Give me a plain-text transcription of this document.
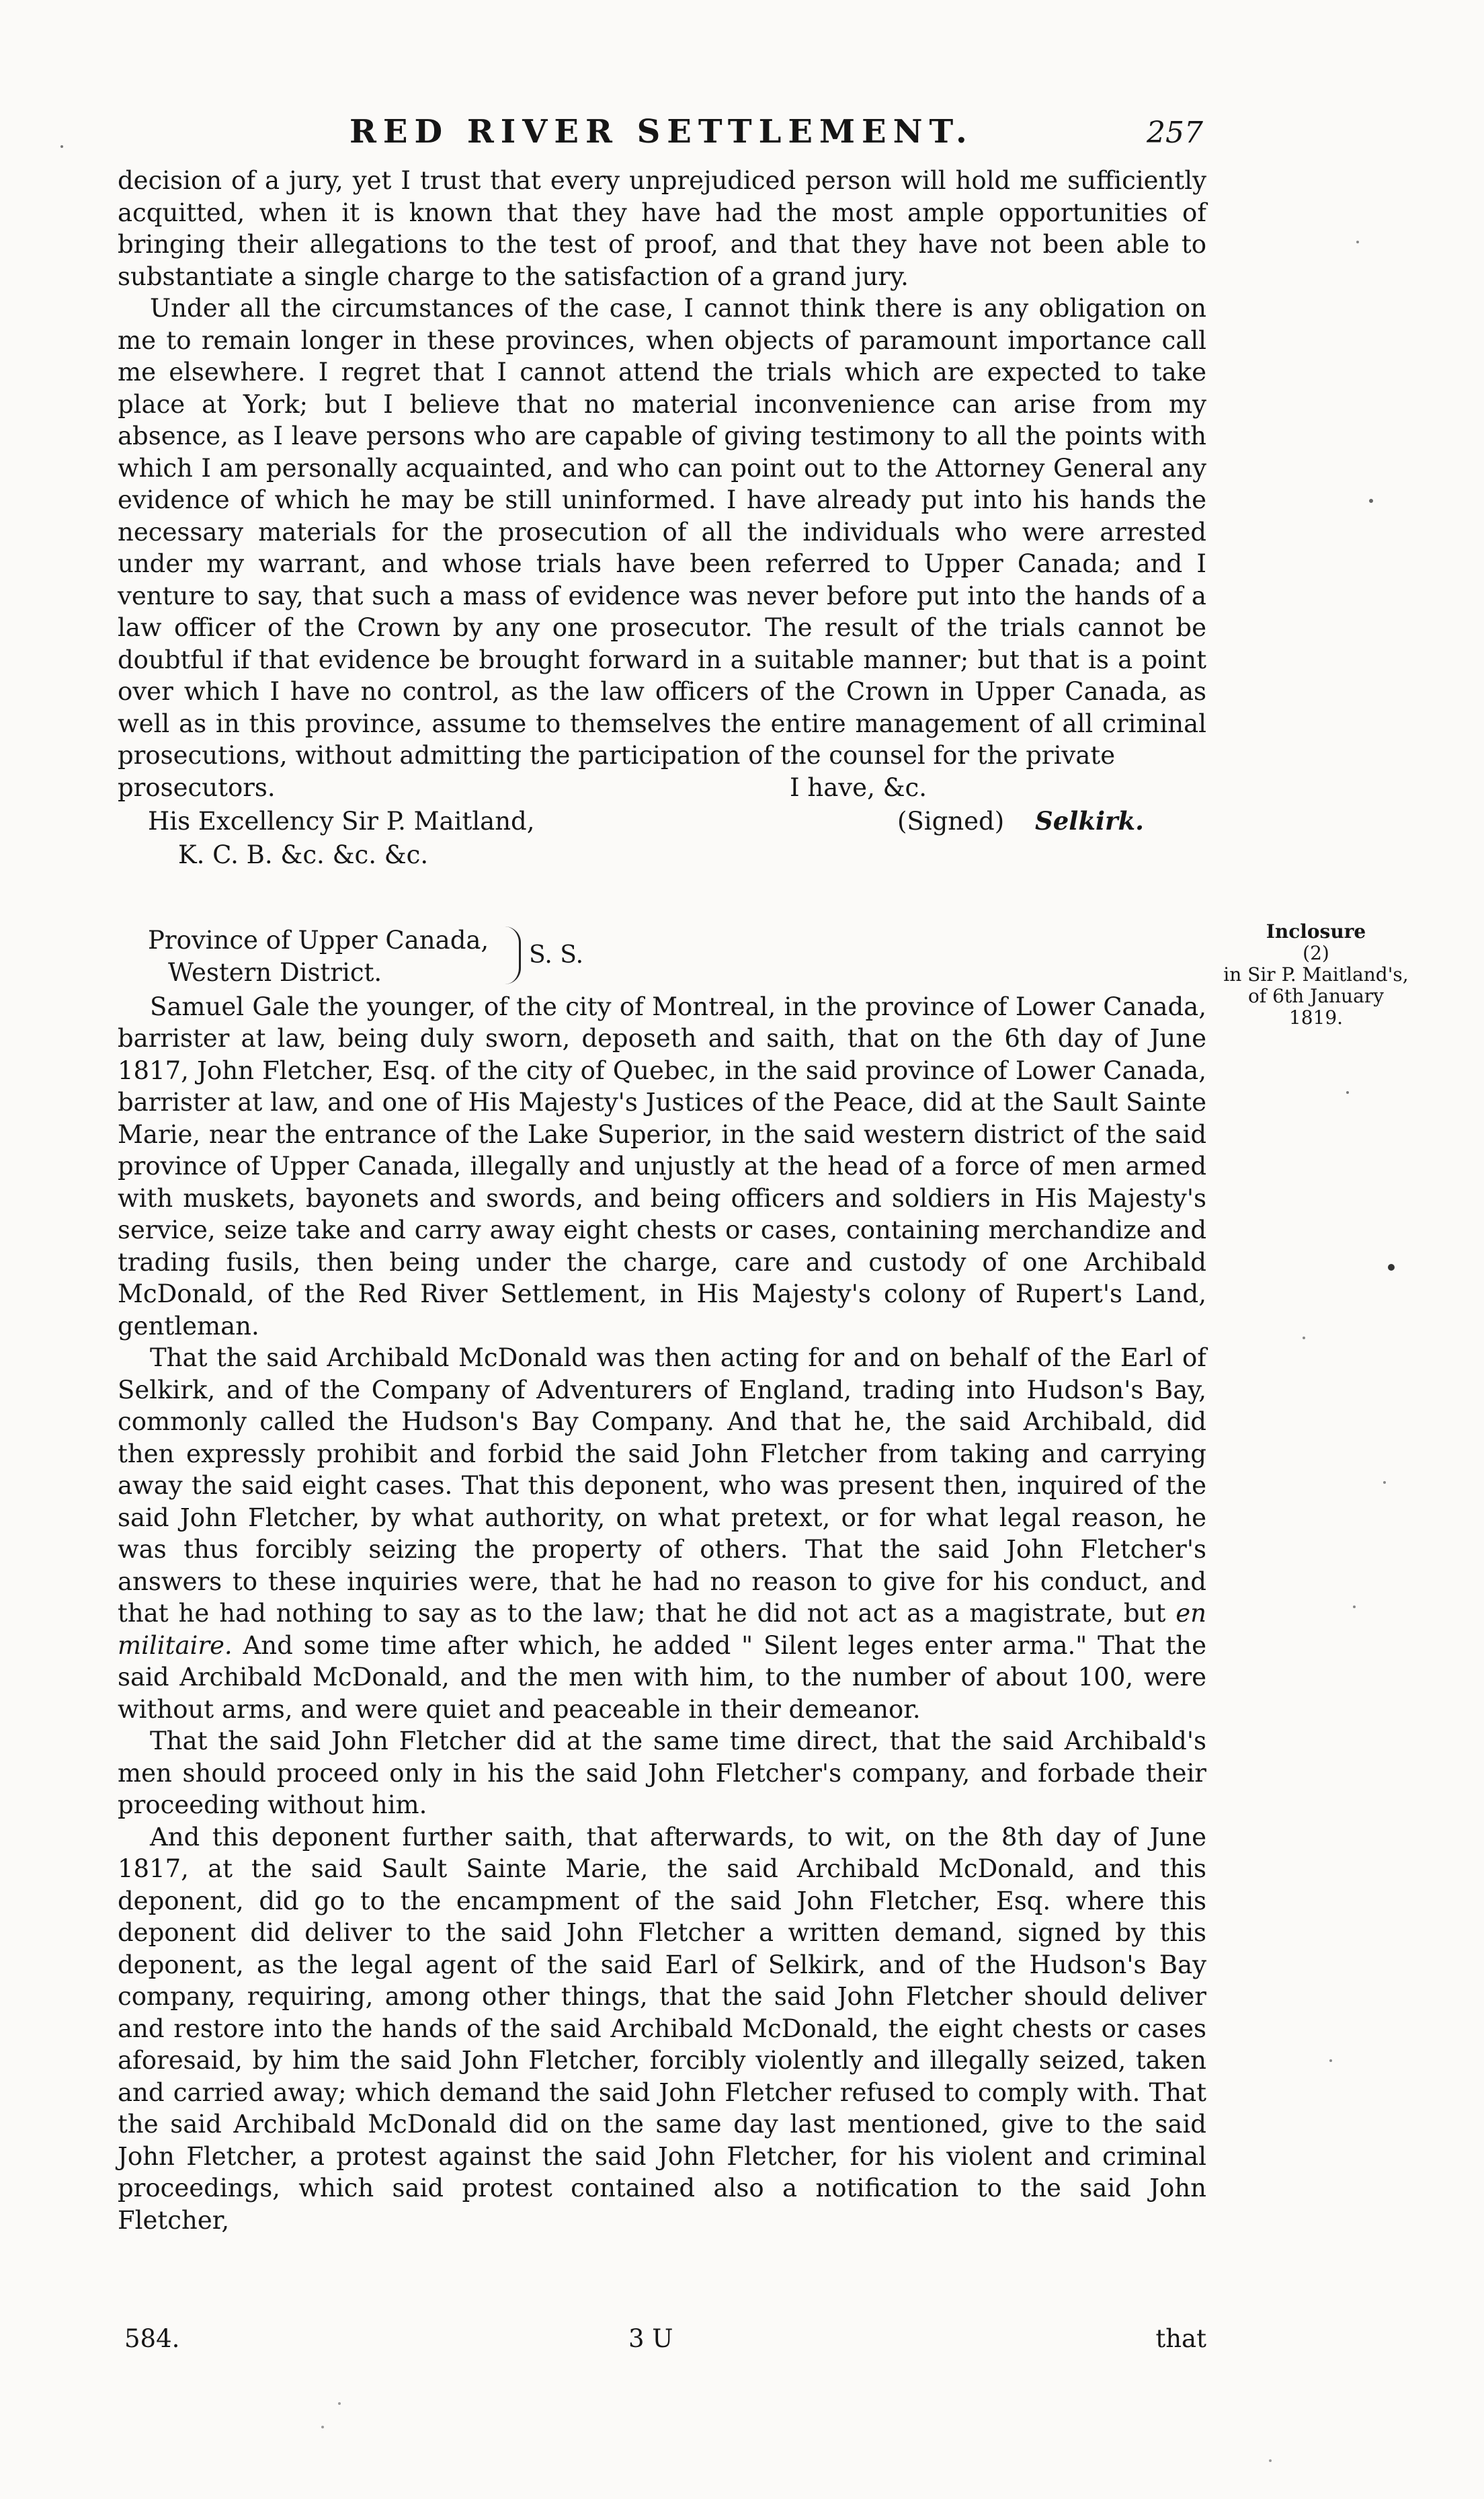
RED RIVER SETTLEMENT.	257

decision of a jury, yet I trust that every unprejudiced person will hold me sufficiently acquitted, when it is known that they have had the most ample opportunities of bringing their allegations to the test of proof, and that they have not been able to substantiate a single charge to the satisfaction of a grand jury.

Under all the circumstances of the case, I cannot think there is any obligation on me to remain longer in these provinces, when objects of paramount importance call me elsewhere. I regret that I cannot attend the trials which are expected to take place at York; but I believe that no material inconvenience can arise from my absence, as I leave persons who are capable of giving testimony to all the points with which I am personally acquainted, and who can point out to the Attorney General any evidence of which he may be still uninformed. I have already put into his hands the necessary materials for the prosecution of all the individuals who were arrested under my warrant, and whose trials have been referred to Upper Canada; and I venture to say, that such a mass of evidence was never before put into the hands of a law officer of the Crown by any one prosecutor. The result of the trials cannot be doubtful if that evidence be brought forward in a suitable manner; but that is a point over which I have no control, as the law officers of the Crown in Upper Canada, as well as in this province, assume to themselves the entire management of all criminal prosecutions, without admitting the participation of the counsel for the private

prosecutors.	I have, &c.
His Excellency Sir P. Maitland,	(Signed) Selkirk.
K. C. B. &c. &c. &c.
Province of Upper Canada,
Western District.
S. S.

Samuel Gale the younger, of the city of Montreal, in the province of Lower Canada, barrister at law, being duly sworn, deposeth and saith, that on the 6th day of June 1817, John Fletcher, Esq. of the city of Quebec, in the said province of Lower Canada, barrister at law, and one of His Majesty's Justices of the Peace, did at the Sault Sainte Marie, near the entrance of the Lake Superior, in the said western district of the said province of Upper Canada, illegally and unjustly at the head of a force of men armed with muskets, bayonets and swords, and being officers and soldiers in His Majesty's service, seize take and carry away eight chests or cases, containing merchandize and trading fusils, then being under the charge, care and custody of one Archibald McDonald, of the Red River Settlement, in His Majesty's colony of Rupert's Land, gentleman.

That the said Archibald McDonald was then acting for and on behalf of the Earl of Selkirk, and of the Company of Adventurers of England, trading into Hudson's Bay, commonly called the Hudson's Bay Company. And that he, the said Archibald, did then expressly prohibit and forbid the said John Fletcher from taking and carrying away the said eight cases. That this deponent, who was present then, inquired of the said John Fletcher, by what authority, on what pretext, or for what legal reason, he was thus forcibly seizing the property of others. That the said John Fletcher's answers to these inquiries were, that he had no reason to give for his conduct, and that he had nothing to say as to the law; that he did not act as a magistrate, but en militaire. And some time after which, he added " Silent leges enter arma." That the said Archibald McDonald, and the men with him, to the number of about 100, were without arms, and were quiet and peaceable in their demeanor.

That the said John Fletcher did at the same time direct, that the said Archibald's men should proceed only in his the said John Fletcher's company, and forbade their proceeding without him.

And this deponent further saith, that afterwards, to wit, on the 8th day of June 1817, at the said Sault Sainte Marie, the said Archibald McDonald, and this deponent, did go to the encampment of the said John Fletcher, Esq. where this deponent did deliver to the said John Fletcher a written demand, signed by this deponent, as the legal agent of the said Earl of Selkirk, and of the Hudson's Bay company, requiring, among other things, that the said John Fletcher should deliver and restore into the hands of the said Archibald McDonald, the eight chests or cases aforesaid, by him the said John Fletcher, forcibly violently and illegally seized, taken and carried away; which demand the said John Fletcher refused to comply with. That the said Archibald McDonald did on the same day last mentioned, give to the said John Fletcher, a protest against the said John Fletcher, for his violent and criminal proceedings, which said protest contained also a notification to the said John Fletcher,

Inclosure
(2)
in Sir P. Maitland's,
of 6th January
1819.
584.	3 U	that
